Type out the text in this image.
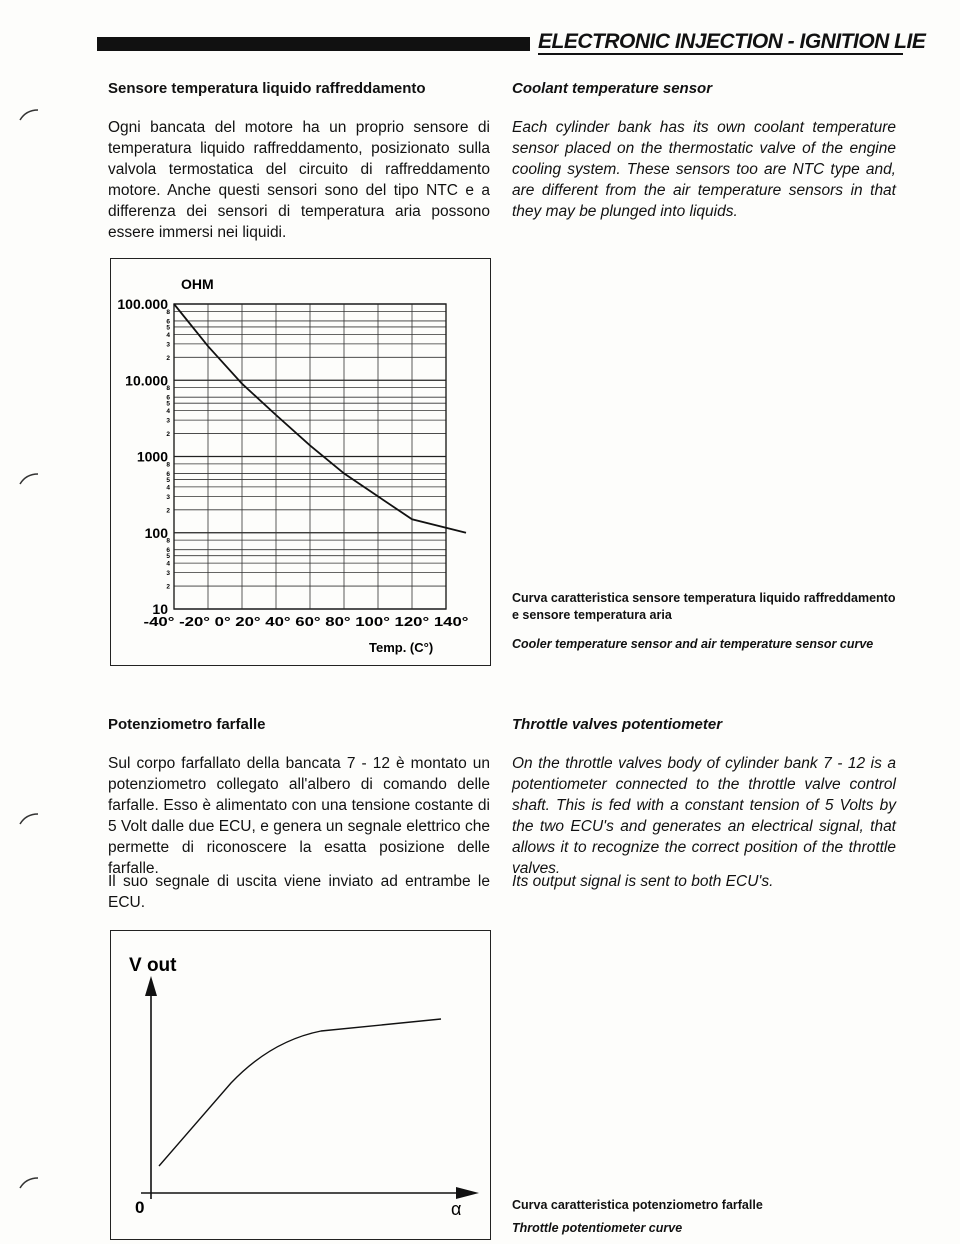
ELECTRONIC INJECTION - IGNITION LIE
Sensore temperatura liquido raffreddamento
Ogni bancata del motore ha un proprio sensore di temperatura liquido raffreddamento, posizionato sulla valvola termostatica del circuito di raffreddamento motore. Anche questi sensori sono del tipo NTC e a differenza dei sensori di temperatura aria possono essere immersi nei liquidi.
Coolant temperature sensor
Each cylinder bank has its own coolant temperature sensor placed on the thermostatic valve of the engine cooling system. These sensors too are NTC type and, are different from the air temperature sensors in that they may be plunged into liquids.
OHM
100.000
10.000
1000
100
10
8
6
5
4
3
2
8
6
5
4
3
2
8
6
5
4
3
2
8
6
5
4
3
2
-40° -20° 0° 20° 40° 60° 80° 100° 120° 140°
Temp. (C°)
Curva caratteristica sensore temperatura liquido raffreddamento e sensore temperatura aria
Cooler temperature sensor and air temperature sensor curve
Potenziometro farfalle
Sul corpo farfallato della bancata 7 - 12 è montato un potenziometro collegato all'albero di comando delle farfalle. Esso è alimentato con una tensione costante di 5 Volt dalle due ECU, e genera un segnale elettrico che permette di riconoscere la esatta posizione delle farfalle.
Il suo segnale di uscita viene inviato ad entrambe le ECU.
Throttle valves potentiometer
On the throttle valves body of cylinder bank 7 - 12 is a potentiometer connected to the throttle valve control shaft. This is fed with a constant tension of 5 Volts by the two ECU's and generates an electrical signal, that allows it to recognize the correct position of the throttle valves.
Its output signal is sent to both ECU's.
V out
0	α	Curva caratteristica potenziometro farfalle
Throttle potentiometer curve
